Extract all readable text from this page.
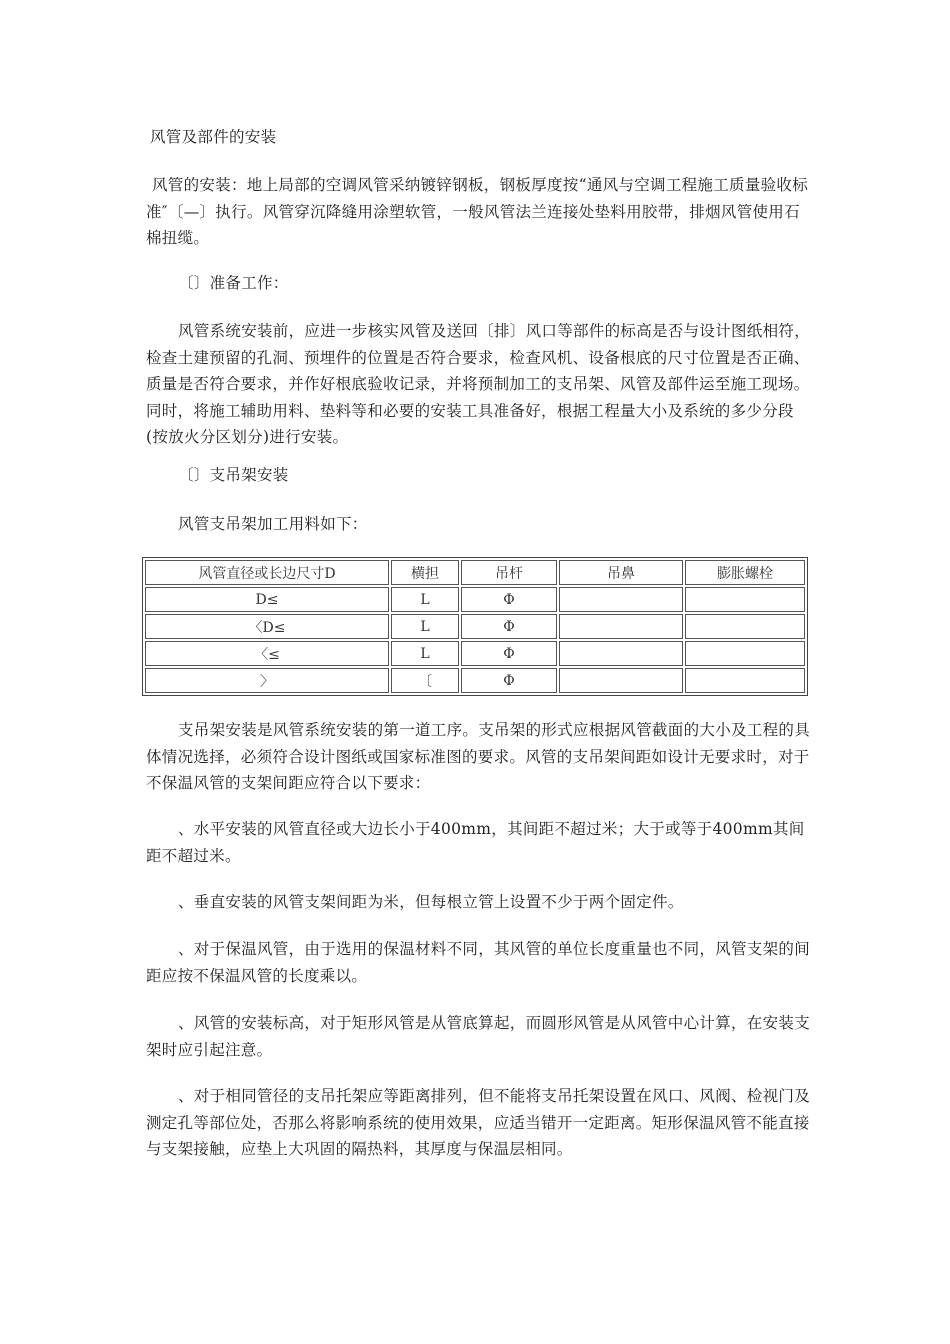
风管及部件的安装

风管的安装：地上局部的空调风管采纳镀锌钢板，钢板厚度按“通风与空调工程施工质量验收标准″〔—〕执行。风管穿沉降缝用涂塑软管，一般风管法兰连接处垫料用胶带，排烟风管使用石棉扭缆。

〔〕准备工作：

风管系统安装前，应进一步核实风管及送回〔排〕风口等部件的标高是否与设计图纸相符，检查土建预留的孔洞、预埋件的位置是否符合要求，检查风机、设备根底的尺寸位置是否正确、质量是否符合要求，并作好根底验收记录，并将预制加工的支吊架、风管及部件运至施工现场。同时，将施工辅助用料、垫料等和必要的安装工具准备好，根据工程量大小及系统的多少分段(按放火分区划分)进行安装。

〔〕支吊架安装

风管支吊架加工用料如下：

风管直径或长边尺寸D	横担	吊杆	吊鼻	膨胀螺栓
D≤	L	Φ		
〈D≤	L	Φ		
〈≤	L	Φ		
〉	〔	Φ		

支吊架安装是风管系统安装的第一道工序。支吊架的形式应根据风管截面的大小及工程的具体情况选择，必须符合设计图纸或国家标准图的要求。风管的支吊架间距如设计无要求时，对于不保温风管的支架间距应符合以下要求：

、水平安装的风管直径或大边长小于400mm，其间距不超过米；大于或等于400mm其间距不超过米。

、垂直安装的风管支架间距为米，但每根立管上设置不少于两个固定件。

、对于保温风管，由于选用的保温材料不同，其风管的单位长度重量也不同，风管支架的间距应按不保温风管的长度乘以。

、风管的安装标高，对于矩形风管是从管底算起，而圆形风管是从风管中心计算，在安装支架时应引起注意。

、对于相同管径的支吊托架应等距离排列，但不能将支吊托架设置在风口、风阀、检视门及测定孔等部位处，否那么将影响系统的使用效果，应适当错开一定距离。矩形保温风管不能直接与支架接触，应垫上大巩固的隔热料，其厚度与保温层相同。
